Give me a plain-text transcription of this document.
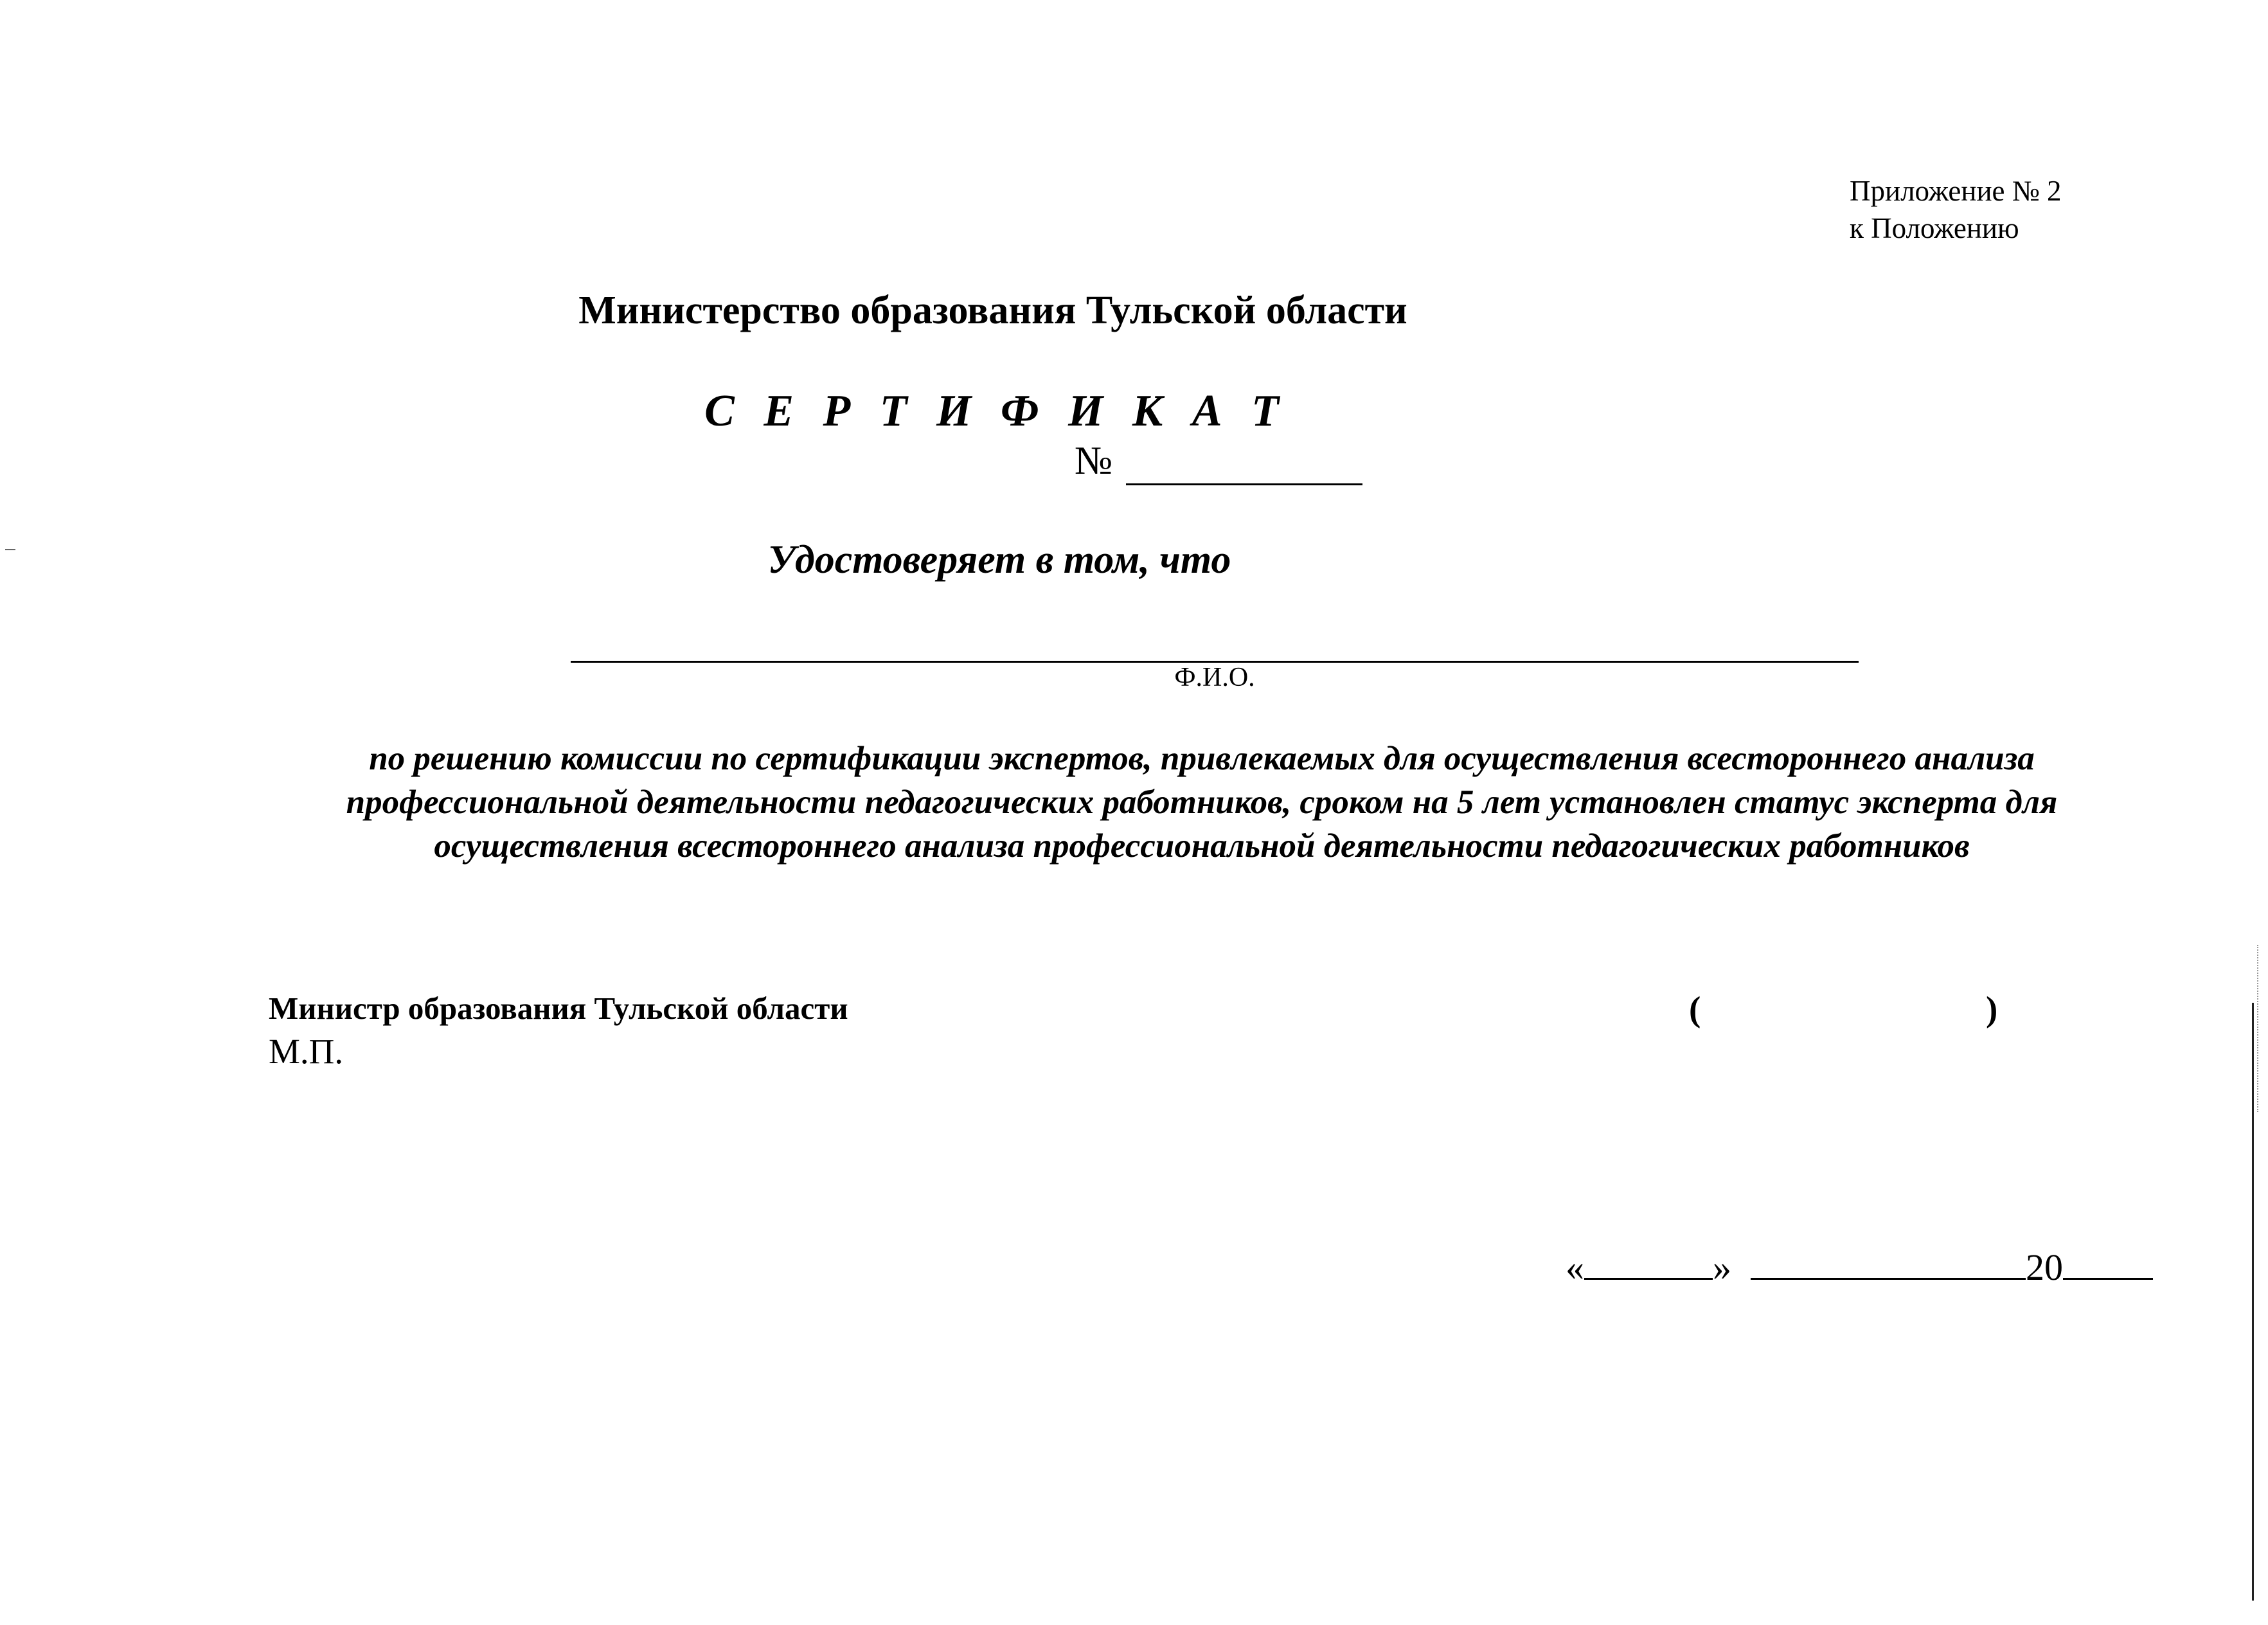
Приложение № 2
к Положению
Министерство образования Тульской области
С Е Р Т И Ф И К А Т
№
Удостоверяет в том, что
Ф.И.О.
по решению комиссии по сертификации экспертов, привлекаемых для осуществления всестороннего анализа профессиональной деятельности педагогических работников, сроком на 5 лет установлен статус эксперта для осуществления всестороннего анализа профессиональной деятельности педагогических работников
Министр образования Тульской области
М.П.
(	)
«	»	20
